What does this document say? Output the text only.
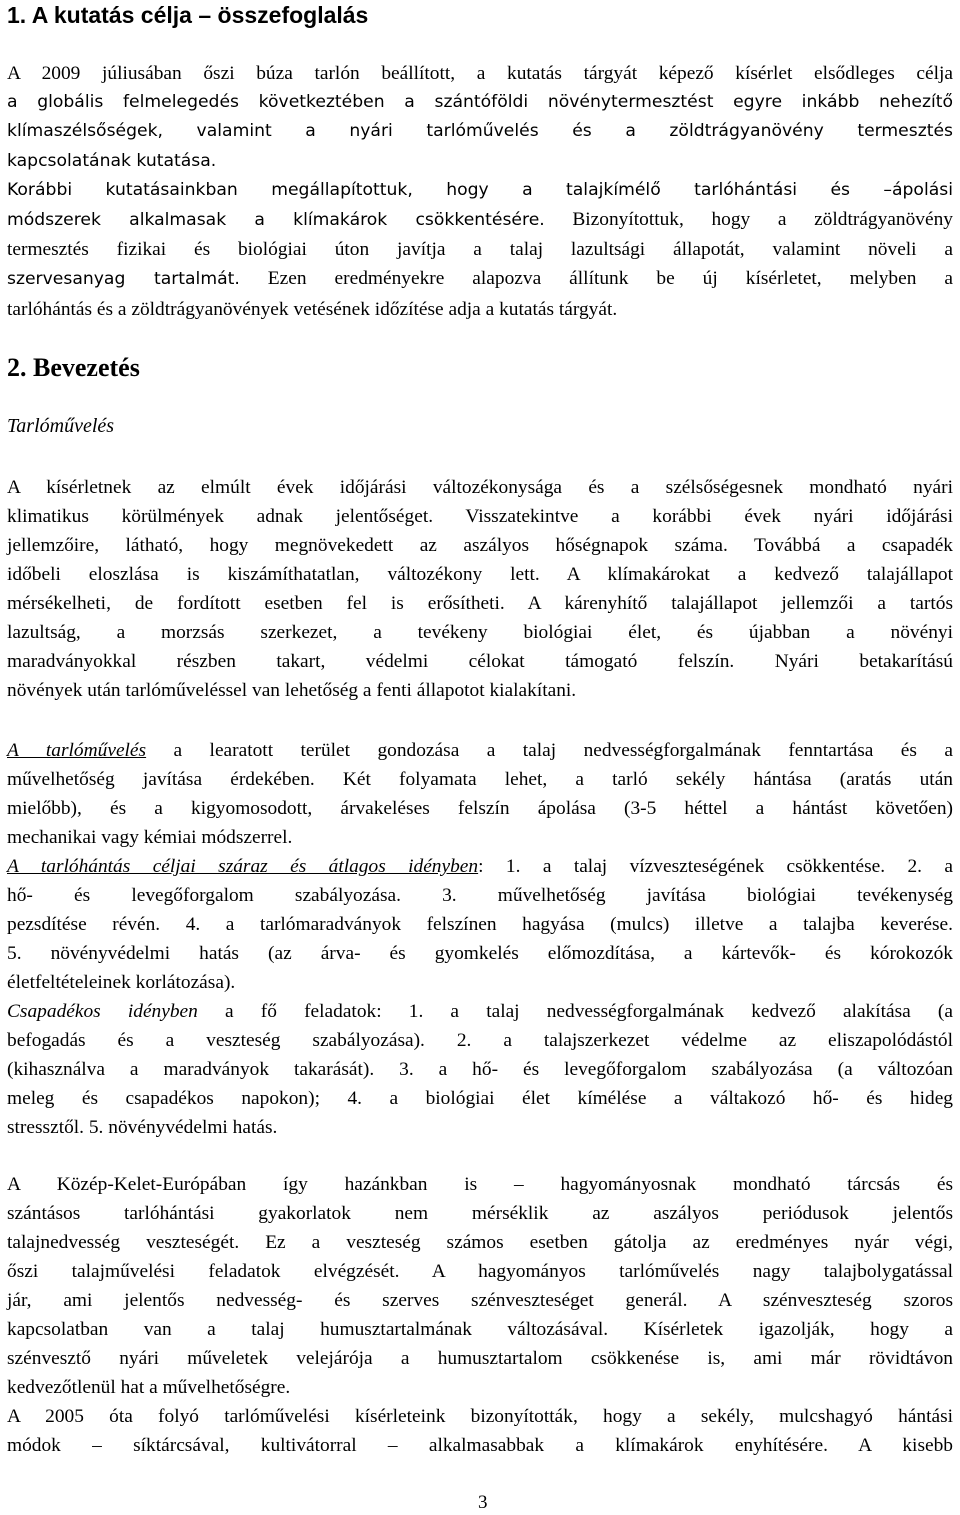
1. A kutatás célja – összefoglalás

A 2009 júliusában őszi búza tarlón beállított, a kutatás tárgyát képező kísérlet elsődleges célja
a globális felmelegedés következtében a szántóföldi növénytermesztést egyre inkább nehezítő
klímaszélsőségek, valamint a nyári tarlóművelés és a zöldtrágyanövény termesztés
kapcsolatának kutatása.
Korábbi kutatásainkban megállapítottuk, hogy a talajkímélő tarlóhántási és –ápolási
módszerek alkalmasak a klímakárok csökkentésére. Bizonyítottuk, hogy a zöldtrágyanövény
termesztés fizikai és biológiai úton javítja a talaj lazultsági állapotát, valamint növeli a
szervesanyag tartalmát. Ezen eredményekre alapozva állítunk be új kísérletet, melyben a
tarlóhántás és a zöldtrágyanövények vetésének időzítése adja a kutatás tárgyát.

2. Bevezetés
Tarlóművelés

A kísérletnek az elmúlt évek időjárási változékonysága és a szélsőségesnek mondható nyári
klimatikus körülmények adnak jelentőséget. Visszatekintve a korábbi évek nyári időjárási
jellemzőire, látható, hogy megnövekedett az aszályos hőségnapok száma. Továbbá a csapadék
időbeli eloszlása is kiszámíthatatlan, változékony lett. A klímakárokat a kedvező talajállapot
mérsékelheti, de fordított esetben fel is erősítheti. A kárenyhítő talajállapot jellemzői a tartós
lazultság, a morzsás szerkezet, a tevékeny biológiai élet, és újabban a növényi
maradványokkal részben takart, védelmi célokat támogató felszín. Nyári betakarítású
növények után tarlóműveléssel van lehetőség a fenti állapotot kialakítani.

A tarlóművelés a learatott terület gondozása a talaj nedvességforgalmának fenntartása és a
művelhetőség javítása érdekében. Két folyamata lehet, a tarló sekély hántása (aratás után
mielőbb), és a kigyomosodott, árvakeléses felszín ápolása (3-5 héttel a hántást követően)
mechanikai vagy kémiai módszerrel.
A tarlóhántás céljai száraz és átlagos idényben: 1. a talaj vízveszteségének csökkentése. 2. a
hő- és levegőforgalom szabályozása. 3. művelhetőség javítása biológiai tevékenység
pezsdítése révén. 4. a tarlómaradványok felszínen hagyása (mulcs) illetve a talajba keverése.
5. növényvédelmi hatás (az árva- és gyomkelés előmozdítása, a kártevők- és kórokozók
életfeltételeinek korlátozása).
Csapadékos idényben a fő feladatok: 1. a talaj nedvességforgalmának kedvező alakítása (a
befogadás és a veszteség szabályozása). 2. a talajszerkezet védelme az eliszapolódástól
(kihasználva a maradványok takarását). 3. a hő- és levegőforgalom szabályozása (a változóan
meleg és csapadékos napokon); 4. a biológiai élet kímélése a váltakozó hő- és hideg
stressztől. 5. növényvédelmi hatás.

A Közép-Kelet-Európában így hazánkban is – hagyományosnak mondható tárcsás és
szántásos tarlóhántási gyakorlatok nem mérséklik az aszályos periódusok jelentős
talajnedvesség veszteségét. Ez a veszteség számos esetben gátolja az eredményes nyár végi,
őszi talajművelési feladatok elvégzését. A hagyományos tarlóművelés nagy talajbolygatással
jár, ami jelentős nedvesség- és szerves szénveszteséget generál. A szénveszteség szoros
kapcsolatban van a talaj humusztartalmának változásával. Kísérletek igazolják, hogy a
szénvesztő nyári műveletek velejárója a humusztartalom csökkenése is, ami már rövidtávon
kedvezőtlenül hat a művelhetőségre.
A 2005 óta folyó tarlóművelési kísérleteink bizonyították, hogy a sekély, mulcshagyó hántási
módok – síktárcsával, kultivátorral – alkalmasabbak a klímakárok enyhítésére. A kisebb

3
